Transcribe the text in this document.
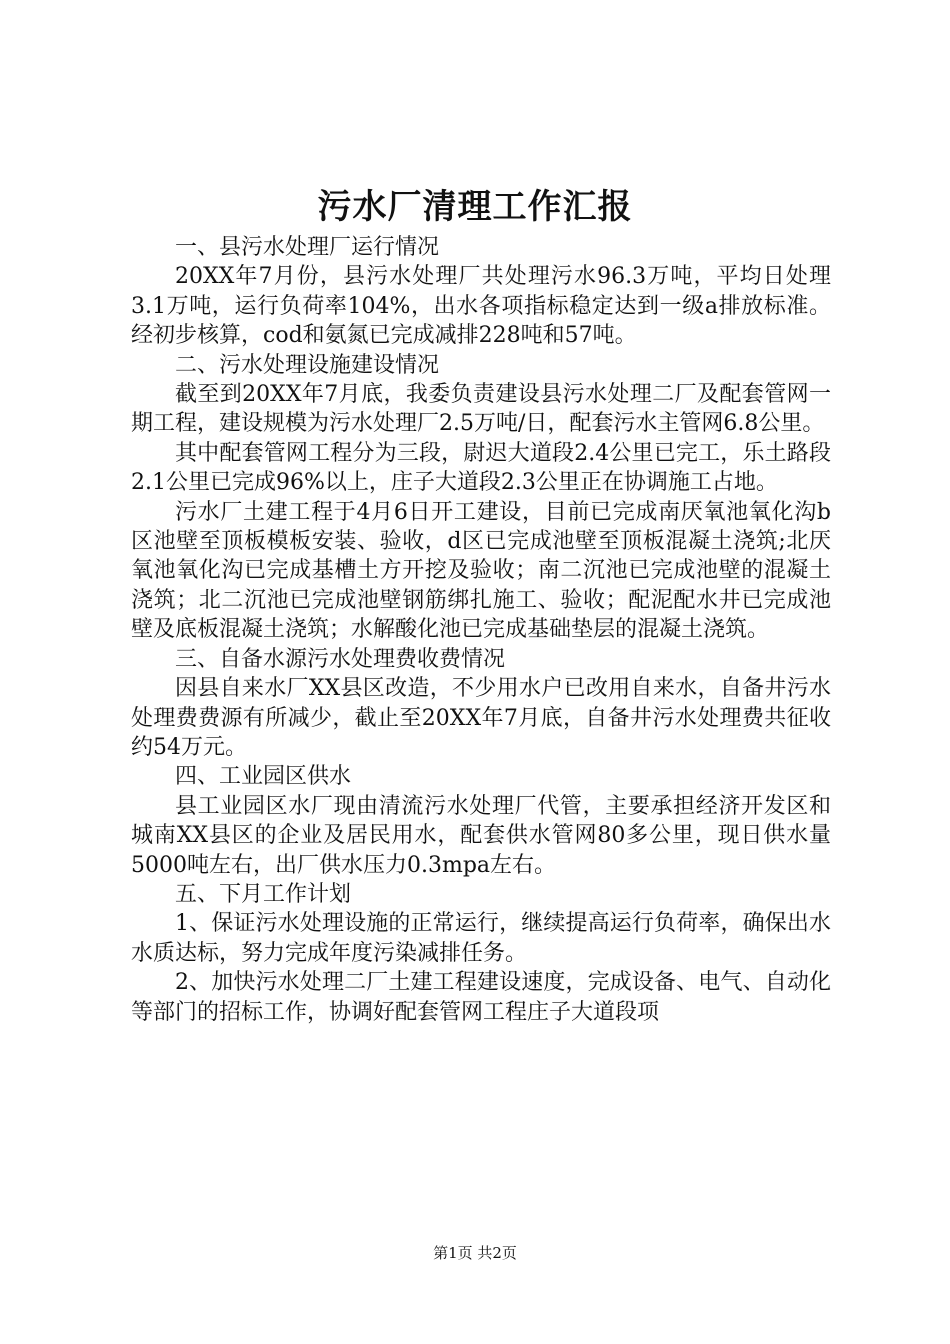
污水厂清理工作汇报

一、县污水处理厂运行情况

20XX年7月份，县污水处理厂共处理污水96.3万吨，平均日处理3.1万吨，运行负荷率104%，出水各项指标稳定达到一级a排放标准。经初步核算，cod和氨氮已完成减排228吨和57吨。

二、污水处理设施建设情况

截至到20XX年7月底，我委负责建设县污水处理二厂及配套管网一期工程，建设规模为污水处理厂2.5万吨/日，配套污水主管网6.8公里。

其中配套管网工程分为三段，尉迟大道段2.4公里已完工，乐土路段2.1公里已完成96%以上，庄子大道段2.3公里正在协调施工占地。

污水厂土建工程于4月6日开工建设，目前已完成南厌氧池氧化沟b区池壁至顶板模板安装、验收，d区已完成池壁至顶板混凝土浇筑;北厌氧池氧化沟已完成基槽土方开挖及验收；南二沉池已完成池壁的混凝土浇筑；北二沉池已完成池壁钢筋绑扎施工、验收；配泥配水井已完成池壁及底板混凝土浇筑；水解酸化池已完成基础垫层的混凝土浇筑。

三、自备水源污水处理费收费情况

因县自来水厂XX县区改造，不少用水户已改用自来水，自备井污水处理费费源有所减少，截止至20XX年7月底，自备井污水处理费共征收约54万元。

四、工业园区供水

县工业园区水厂现由清流污水处理厂代管，主要承担经济开发区和城南XX县区的企业及居民用水，配套供水管网80多公里，现日供水量5000吨左右，出厂供水压力0.3mpa左右。

五、下月工作计划

1、保证污水处理设施的正常运行，继续提高运行负荷率，确保出水水质达标，努力完成年度污染减排任务。

2、加快污水处理二厂土建工程建设速度，完成设备、电气、自动化等部门的招标工作，协调好配套管网工程庄子大道段项

第1页 共2页
